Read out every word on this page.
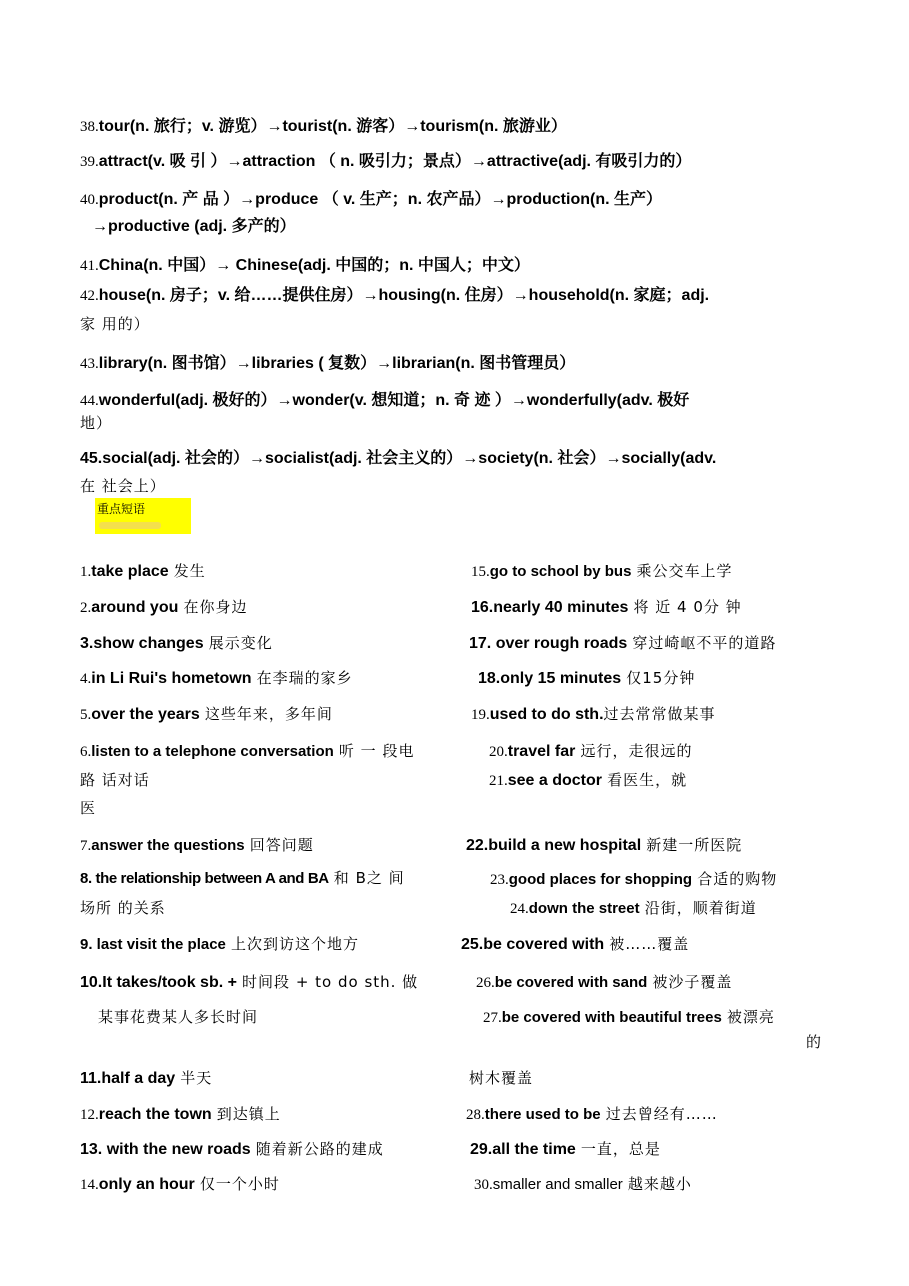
38.tour(n. 旅行；v. 游览）→tourist(n. 游客）→tourism(n. 旅游业）
39.attract(v. 吸 引 ）→attraction （ n. 吸引力；景点）→attractive(adj. 有吸引力的）
40.product(n. 产 品 ）→produce （ v. 生产；n. 农产品）→production(n. 生产）
→productive (adj. 多产的）
41.China(n. 中国）→ Chinese(adj. 中国的；n. 中国人；中文）
42.house(n. 房子；v. 给……提供住房）→housing(n. 住房）→household(n. 家庭；adj.
家 用的）
43.library(n. 图书馆）→libraries ( 复数）→librarian(n. 图书管理员）
44.wonderful(adj. 极好的）→wonder(v. 想知道；n. 奇 迹 ）→wonderfully(adv. 极好
地）
45.social(adj. 社会的）→socialist(adj. 社会主义的）→society(n. 社会）→socially(adv.
在 社会上）
重点短语
1.take place 发生
2.around you 在你身边
3.show changes 展示变化
4.in Li Rui's hometown 在李瑞的家乡
5.over the years 这些年来，多年间
6.listen to a telephone conversation 听 一 段电
路 话对话
医
7.answer the questions 回答问题
8. the relationship between A and BA 和 B之 间
场所 的关系
9. last visit the place 上次到访这个地方
10.It takes/took sb. + 时间段 + to do sth. 做
某事花费某人多长时间
11.half a day 半天
12.reach the town 到达镇上
13. with the new roads 随着新公路的建成
14.only an hour 仅一个小时
15.go to school by bus 乘公交车上学
16.nearly 40 minutes 将 近 4 0分 钟
17. over rough roads 穿过崎岖不平的道路
18.only 15 minutes 仅15分钟
19.used to do sth.过去常常做某事
20.travel far 远行，走很远的
21.see a doctor 看医生，就
22.build a new hospital 新建一所医院
23.good places for shopping 合适的购物
24.down the street 沿街，顺着街道
25.be covered with 被……覆盖
26.be covered with sand 被沙子覆盖
27.be covered with beautiful trees 被漂亮
的
树木覆盖
28.there used to be 过去曾经有……
29.all the time 一直，总是
30.smaller and smaller 越来越小
